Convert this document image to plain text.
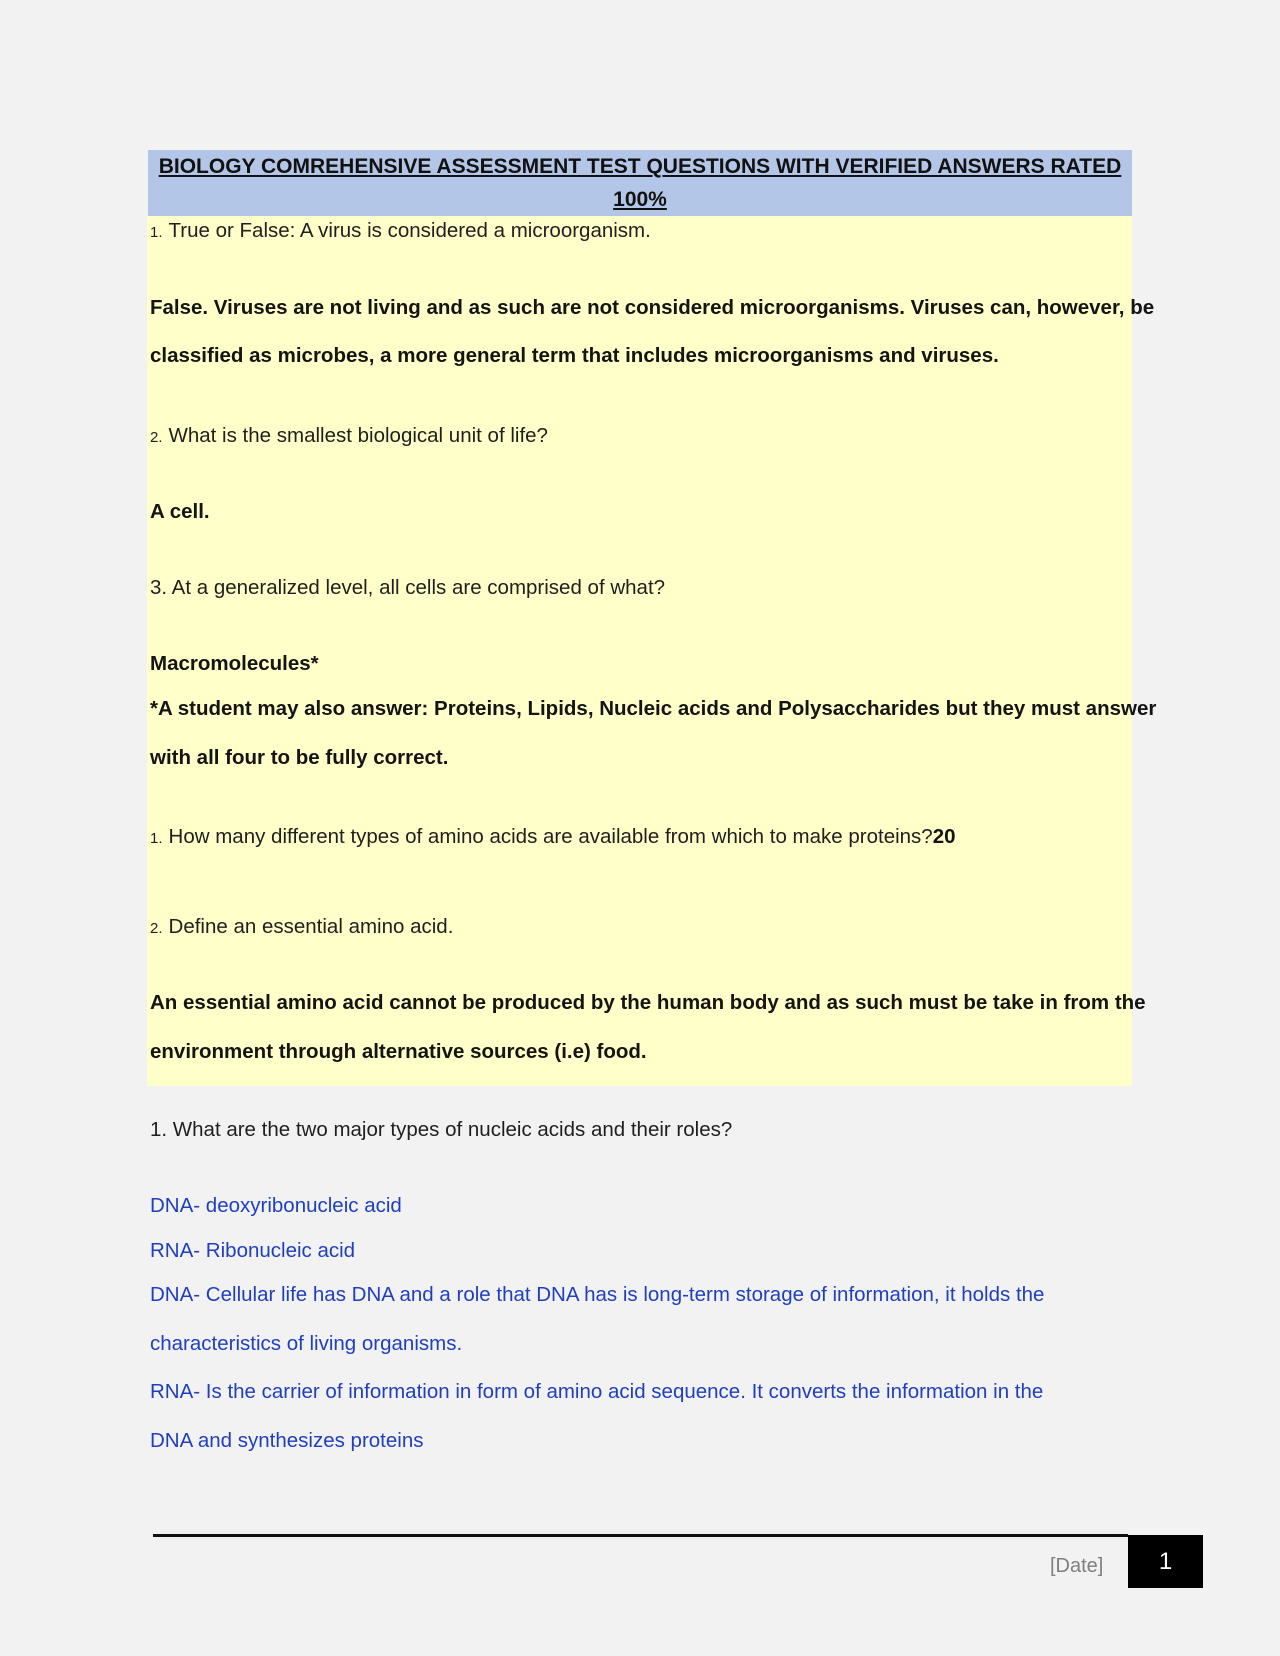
BIOLOGY COMREHENSIVE ASSESSMENT TEST QUESTIONS WITH VERIFIED ANSWERS RATED 100%
1. True or False: A virus is considered a microorganism.
False. Viruses are not living and as such are not considered microorganisms. Viruses can, however, be
classified as microbes, a more general term that includes microorganisms and viruses.
2. What is the smallest biological unit of life?
A cell.
3. At a generalized level, all cells are comprised of what?
Macromolecules*
*A student may also answer: Proteins, Lipids, Nucleic acids and Polysaccharides but they must answer
with all four to be fully correct.
1. How many different types of amino acids are available from which to make proteins?20
2. Define an essential amino acid.
An essential amino acid cannot be produced by the human body and as such must be take in from the
environment through alternative sources (i.e) food.
1. What are the two major types of nucleic acids and their roles?
DNA- deoxyribonucleic acid
RNA- Ribonucleic acid
DNA- Cellular life has DNA and a role that DNA has is long-term storage of information, it holds the
characteristics of living organisms.
RNA- Is the carrier of information in form of amino acid sequence. It converts the information in the
DNA and synthesizes proteins
[Date]	1
